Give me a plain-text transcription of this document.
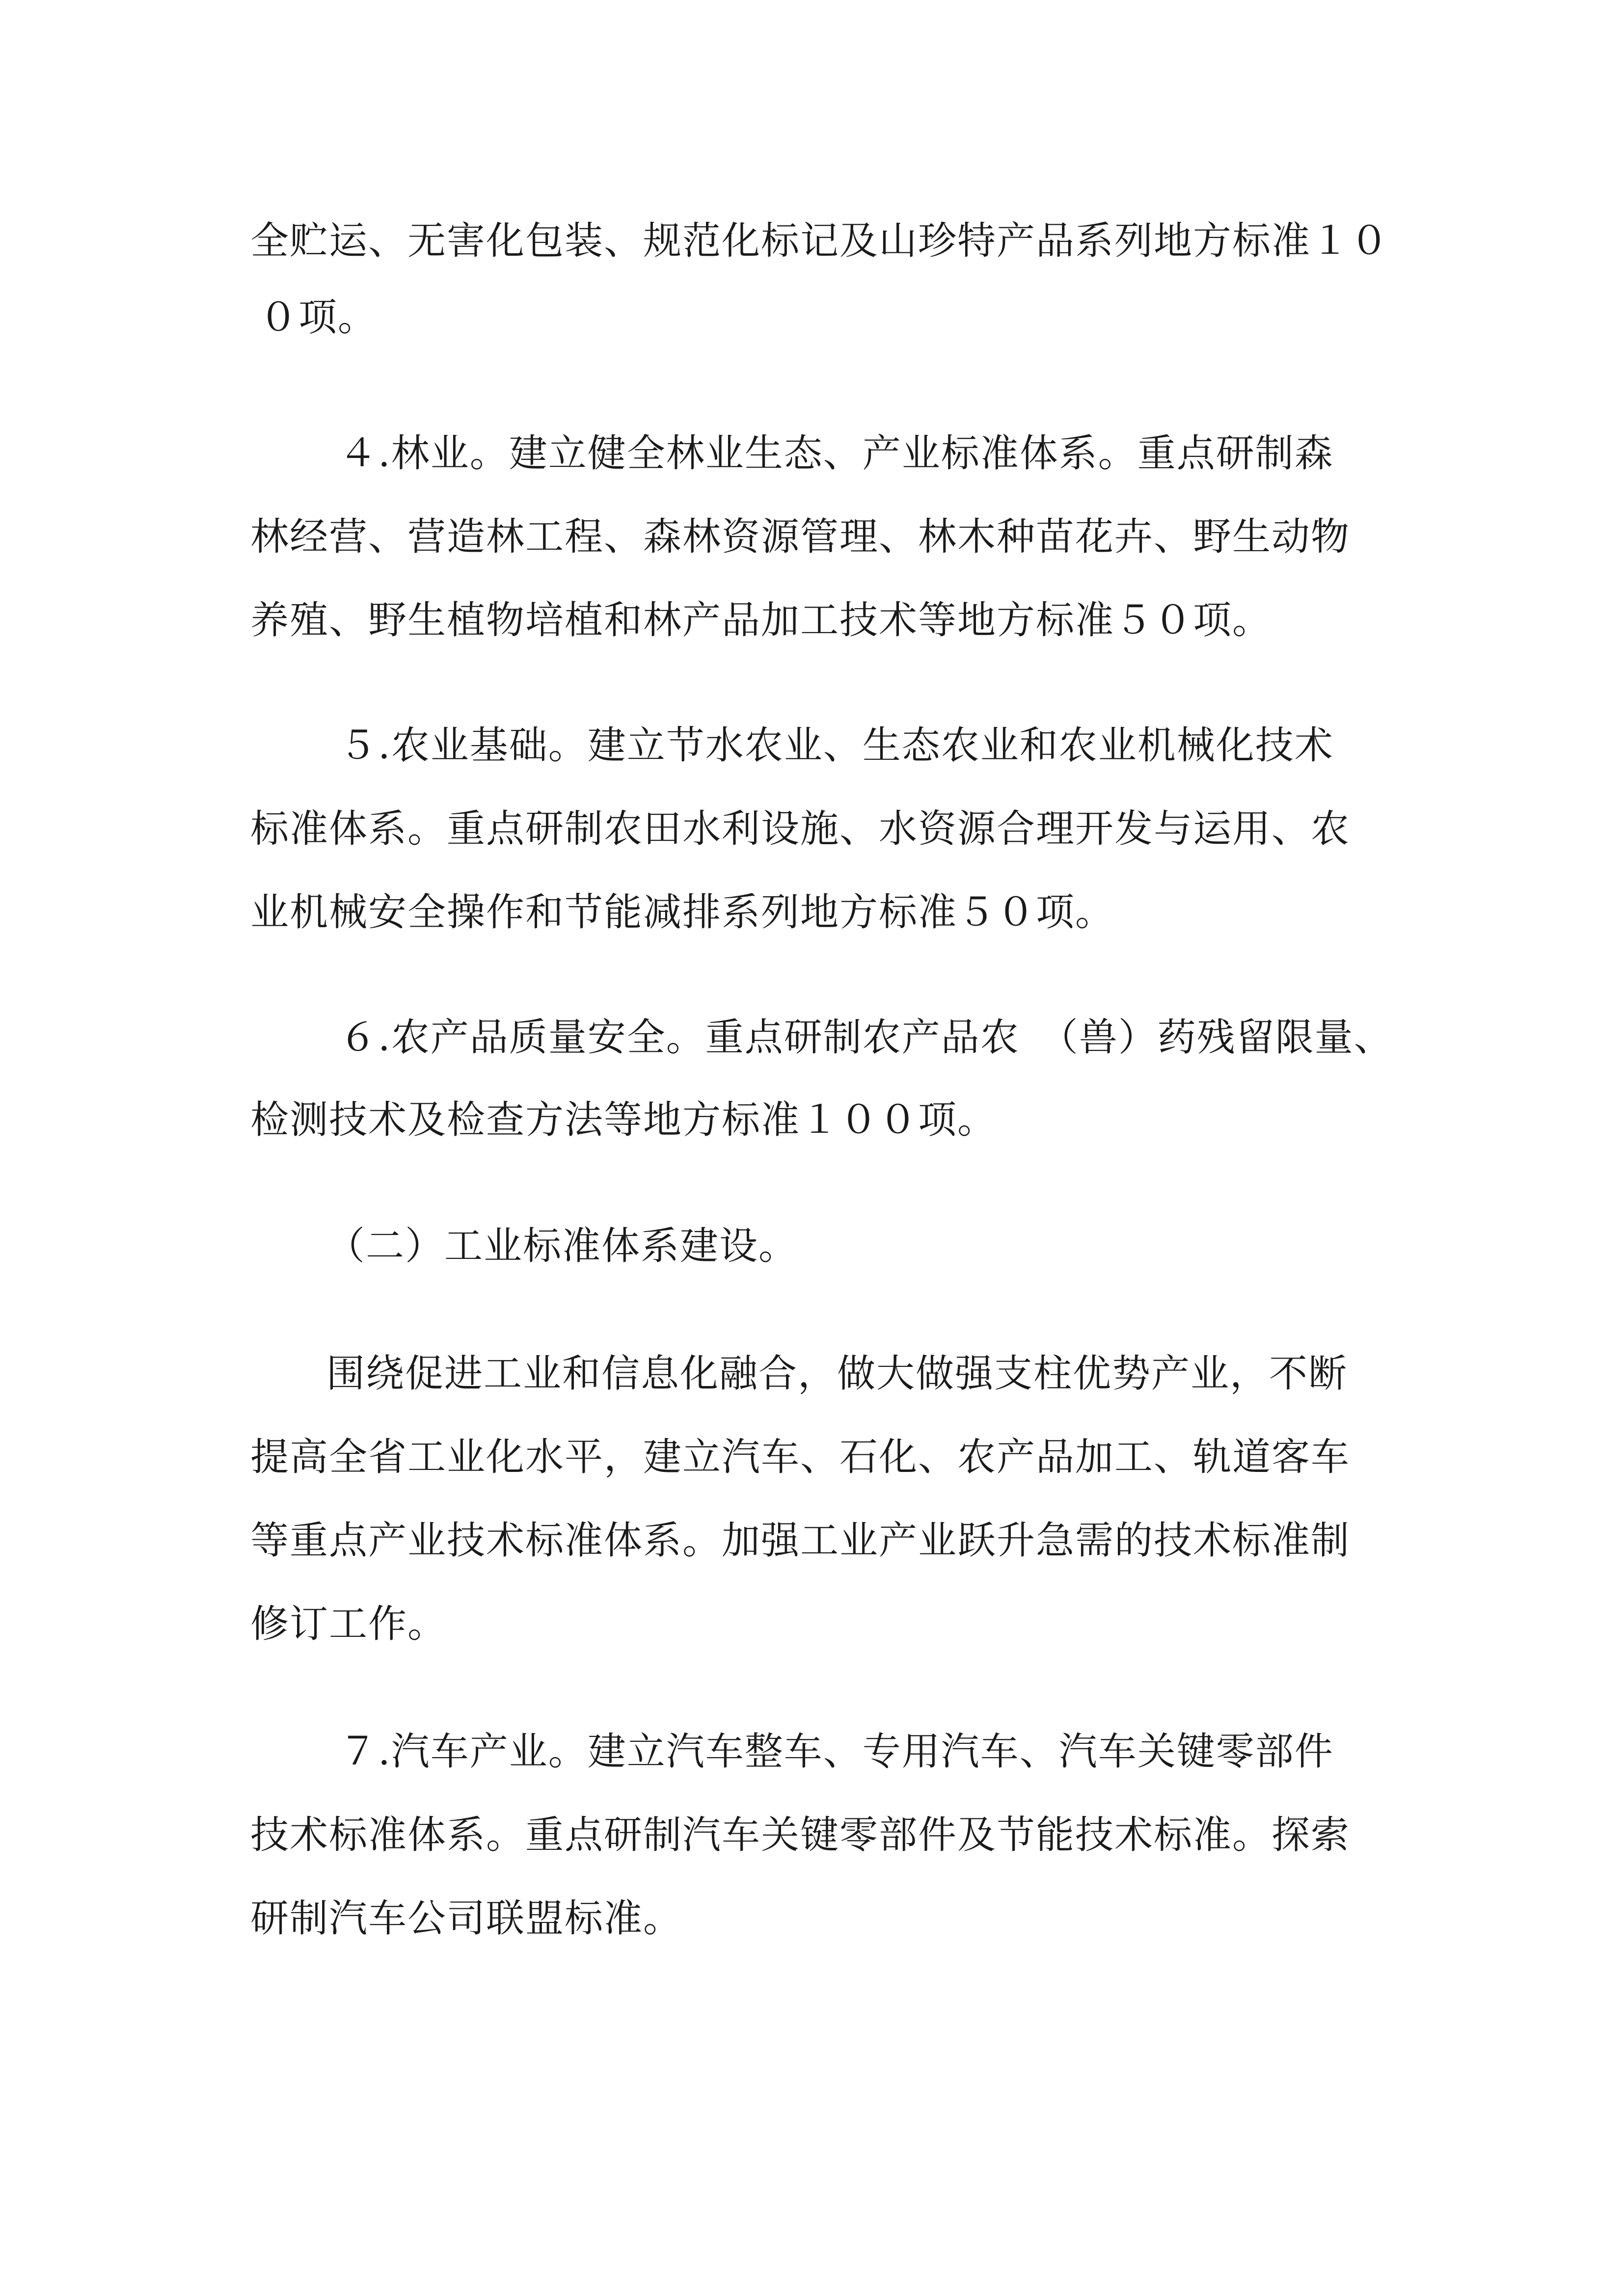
全贮运、无害化包装、规范化标记及山珍特产品系列地方标准１０
０项。
４.林业。建立健全林业生态、产业标准体系。重点研制森
林经营、营造林工程、森林资源管理、林木种苗花卉、野生动物
养殖、野生植物培植和林产品加工技术等地方标准５０项。
５.农业基础。建立节水农业、生态农业和农业机械化技术
标准体系。重点研制农田水利设施、水资源合理开发与运用、农
业机械安全操作和节能减排系列地方标准５０项。
６.农产品质量安全。重点研制农产品农　（兽）药残留限量、
检测技术及检查方法等地方标准１００项。
（二）工业标准体系建设。
围绕促进工业和信息化融合，做大做强支柱优势产业，不断
提高全省工业化水平，建立汽车、石化、农产品加工、轨道客车
等重点产业技术标准体系。加强工业产业跃升急需的技术标准制
修订工作。
７.汽车产业。建立汽车整车、专用汽车、汽车关键零部件
技术标准体系。重点研制汽车关键零部件及节能技术标准。探索
研制汽车公司联盟标准。
